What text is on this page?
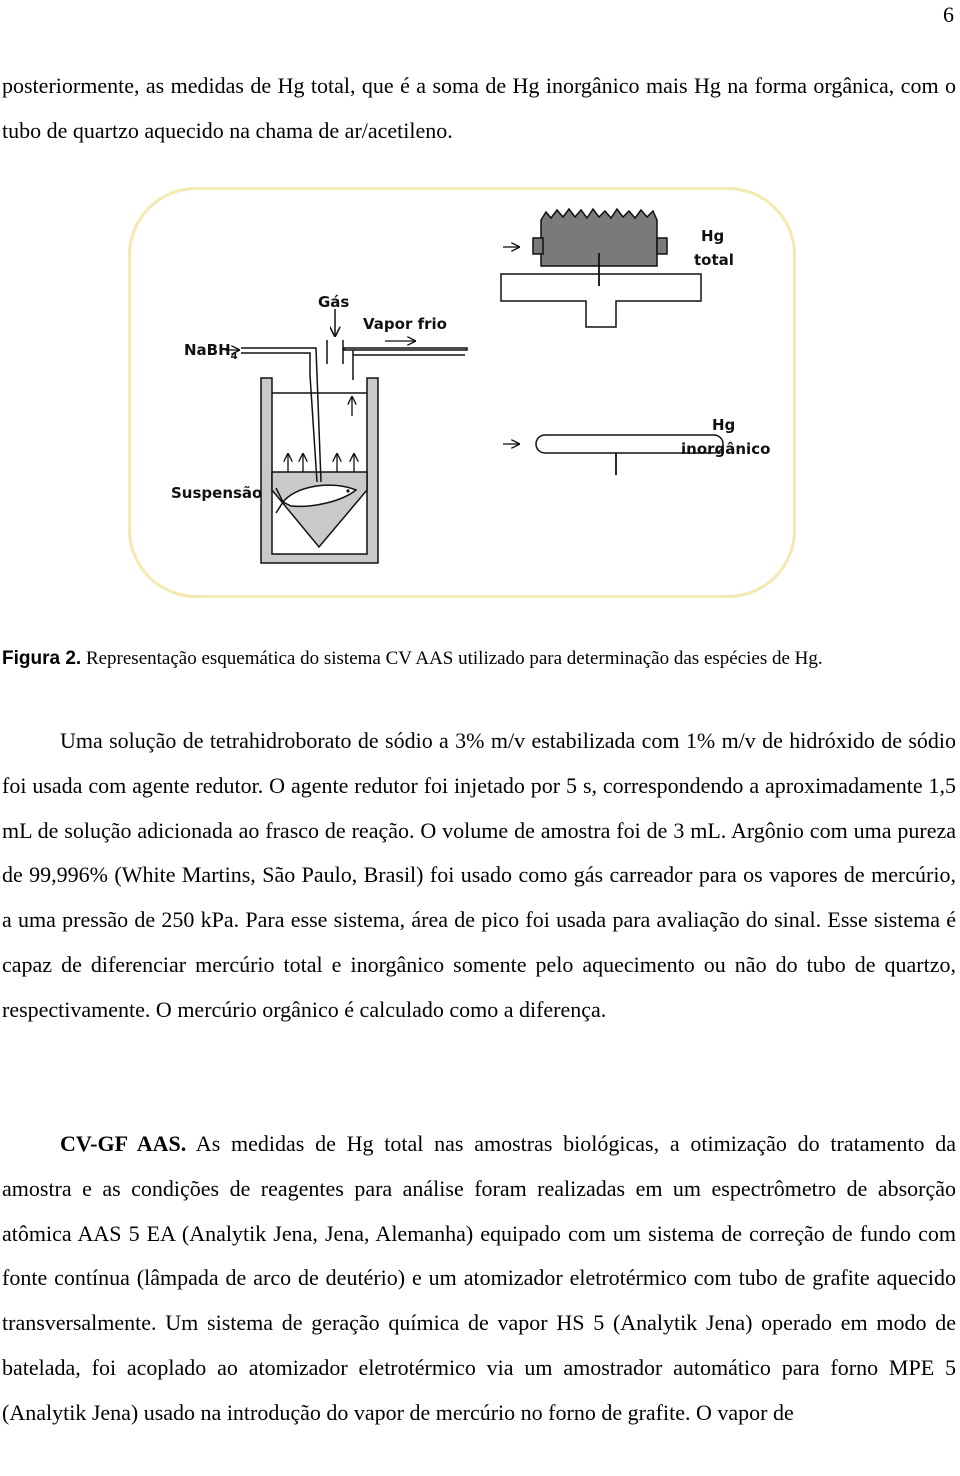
6
posteriormente, as medidas de Hg total, que é a soma de Hg inorgânico mais Hg na forma orgânica, com o tubo de quartzo aquecido na chama de ar/acetileno.
Gás
Vapor frio
NaBH$_4$
Suspensão
Hg
total
Hg
inorgânico
Figura 2. Representação esquemática do sistema CV AAS utilizado para determinação das espécies de Hg.
Uma solução de tetrahidroborato de sódio a 3% m/v estabilizada com 1% m/v de hidróxido de sódio foi usada com agente redutor. O agente redutor foi injetado por 5 s, correspondendo a aproximadamente 1,5 mL de solução adicionada ao frasco de reação. O volume de amostra foi de 3 mL. Argônio com uma pureza de 99,996% (White Martins, São Paulo, Brasil) foi usado como gás carreador para os vapores de mercúrio, a uma pressão de 250 kPa. Para esse sistema, área de pico foi usada para avaliação do sinal. Esse sistema é capaz de diferenciar mercúrio total e inorgânico somente pelo aquecimento ou não do tubo de quartzo, respectivamente. O mercúrio orgânico é calculado como a diferença.
CV-GF AAS. As medidas de Hg total nas amostras biológicas, a otimização do tratamento da amostra e as condições de reagentes para análise foram realizadas em um espectrômetro de absorção atômica AAS 5 EA (Analytik Jena, Jena, Alemanha) equipado com um sistema de correção de fundo com fonte contínua (lâmpada de arco de deutério) e um atomizador eletrotérmico com tubo de grafite aquecido transversalmente. Um sistema de geração química de vapor HS 5 (Analytik Jena) operado em modo de batelada, foi acoplado ao atomizador eletrotérmico via um amostrador automático para forno MPE 5 (Analytik Jena) usado na introdução do vapor de mercúrio no forno de grafite. O vapor de
